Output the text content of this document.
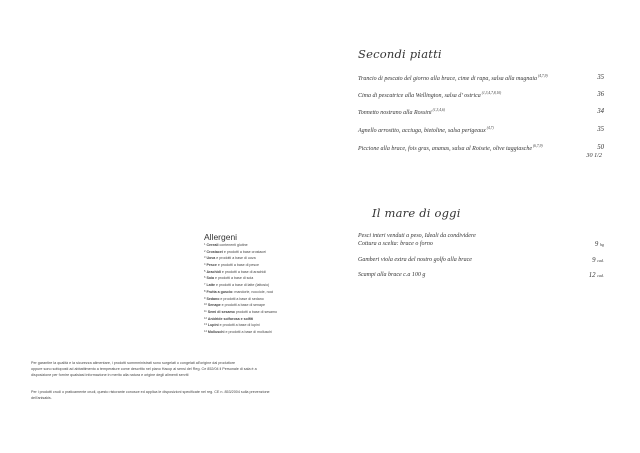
Secondi piatti
Trancio di pescato del giorno alla brace, cime di rapa, salsa alla mugnaia$^{(4,7,9)}$	35
Cima di pescatrice alla Wellington, salsa d’ ostrica$^{(1,3,4,7,8,10)}$	36
Tonnetto nostrano alla Rossini$^{(1,3,4,6)}$	34
Agnello arrostito, acciuga, bietoline, salsa perigeaux$^{(4,7)}$	35
Piccione alla brace, fois gras, ananas, salsa al Roiseie, olive taggiasche$^{(6,7,9)}$	50
30 1/2
Il mare di oggi
Pesci interi venduti a peso, Ideali da condividere
Cottura a scelta: brace o forno	9 hg
Gamberi viola extra del nostro golfo alla brace	9 cad.
Scampi alla brace c.a 100 g	12 cad.
Allergeni
$^1$Cereali contenenti glutine
$^2$Crostacei e prodotti a base crostacei
$^3$Uova e prodotti a base di uova
$^4$Pesce e prodotti a base di pesce
$^5$Arachidi e prodotti a base di arachidi
$^6$Soia e prodotti a base di soia
$^7$Latte e prodotti a base di latte (lattosio)
$^8$Frutta a guscio: mandorle, nocciole, noci
$^9$Sedano e prodotti a base di sedano
$^{10}$Senape e prodotti a base di senape
$^{11}$Semi di sesamo prodotti a base di sesamo
$^{12}$Anidride solforosa e solfiti
$^{13}$Lupini e prodotti a base di lupini
$^{14}$Molluschi e prodotti a base di molluschi
Per garantire la qualità e la sicurezza alimentare, i prodotti sommministrati sono surgelati o congelati all'origine dal produttore
oppure sono sottoposti ad abbattimento a temperature come descritto nel piano Haccp ai sensi del Reg. Ce 852/04 il Personale di sala è a
disposizione per fornire qualsiasi informazione in merito alla natura e origine degli alimenti serviti
Per i prodotti crudi o praticamente crudi, questo ristorante conosce ed applica le disposizioni specificate nel reg. CE n. 853/2004 sulla prevenzione
dell'anisakis.
